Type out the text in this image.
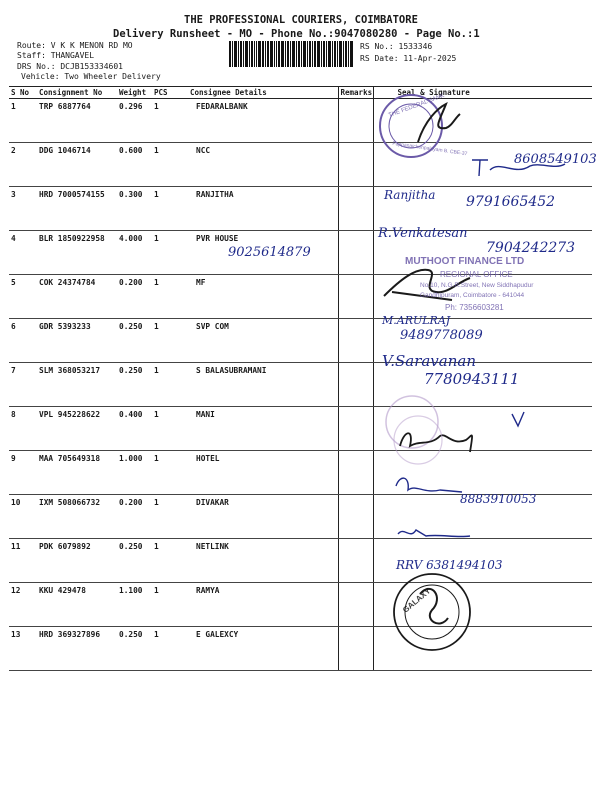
THE PROFESSIONAL COURIERS, COIMBATORE
Delivery Runsheet - MO - Phone No.:9047080280 - Page No.:1
Route: V K K MENON RD MO
Staff: THANGAVEL
DRS No.: DCJB153334601
Vehicle: Two Wheeler Delivery
RS No.: 1533346
RS Date: 11-Apr-2025
S No	Consignment No	Weight	PCS	Consignee Details	Remarks	Seal & Signature
1	TRP 6887764	0.296	1	FEDARALBANK		
2	DDG 1046714	0.600	1	NCC		
3	HRD 7000574155	0.300	1	RANJITHA		
4	BLR 1850922958	4.000	1	PVR HOUSE		
5	COK 24374784	0.200	1	MF		
6	GDR 5393233	0.250	1	SVP COM		
7	SLM 368053217	0.250	1	S BALASUBRAMANI		
8	VPL 945228622	0.400	1	MANI		
9	MAA 705649318	1.000	1	HOTEL		
10	IXM 508066732	0.200	1	DIVAKAR		
11	PDK 6079892	0.250	1	NETLINK		
12	KKU 429478	1.100	1	RAMYA		
13	HRD 369327896	0.250	1	E GALEXCY		
THE FEDERAL BANK
Pappanaickenpalayam B. CBE-37
MUTHOOT FINANCE LTD
REGIONAL OFFICE
No.10, N.G.R.Street, New Siddhapudur
Gandhipuram, Coimbatore - 641044
Ph: 7356603281
GALAXY
8608549103
Ranjitha 9791665452
R.Venkatesan
7904242273
9025614879
M.ARULRAJ
9489778089
V.Saravanan
7780943111
8883910053
RRV 6381494103
